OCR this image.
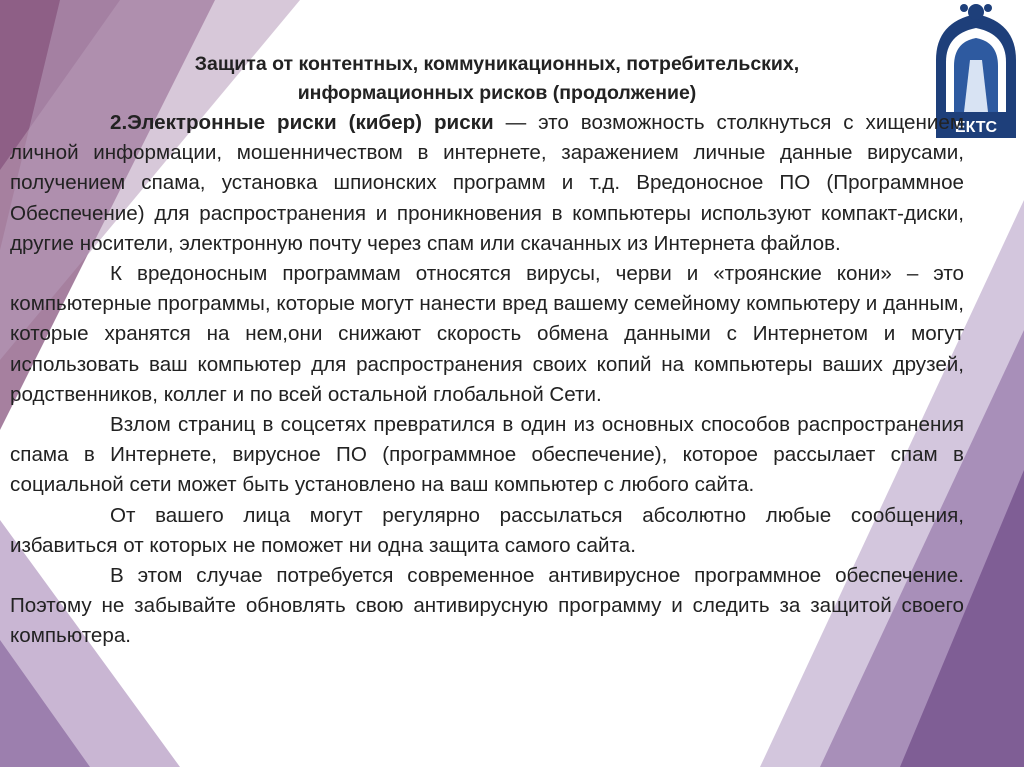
ЕКТС

Защита от контентных, коммуникационных, потребительских,
информационных рисков (продолжение)

2.Электронные риски (кибер) риски — это возможность столкнуться с хищением личной информации, мошенничеством в интернете, заражением личные данные вирусами, получением спама, установка шпионских программ и т.д. Вредоносное ПО (Программное Обеспечение) для распространения и проникновения в компьютеры используют компакт-диски, другие носители, электронную почту через спам или скачанных из Интернета файлов.

К вредоносным программам относятся вирусы, черви и «троянские кони» – это компьютерные программы, которые могут нанести вред вашему семейному компьютеру и данным, которые хранятся на нем,они снижают скорость обмена данными с Интернетом и могут использовать ваш компьютер для распространения своих копий на компьютеры ваших друзей, родственников, коллег и по всей остальной глобальной Сети.

Взлом страниц в соцсетях превратился в один из основных способов распространения спама в Интернете, вирусное ПО (программное обеспечение), которое рассылает спам в социальной сети может быть установлено на ваш компьютер с любого сайта.

От вашего лица могут регулярно рассылаться абсолютно любые сообщения, избавиться от которых не поможет ни одна защита самого сайта.

В этом случае потребуется современное антивирусное программное обеспечение. Поэтому не забывайте обновлять свою антивирусную программу и следить за защитой своего компьютера.
